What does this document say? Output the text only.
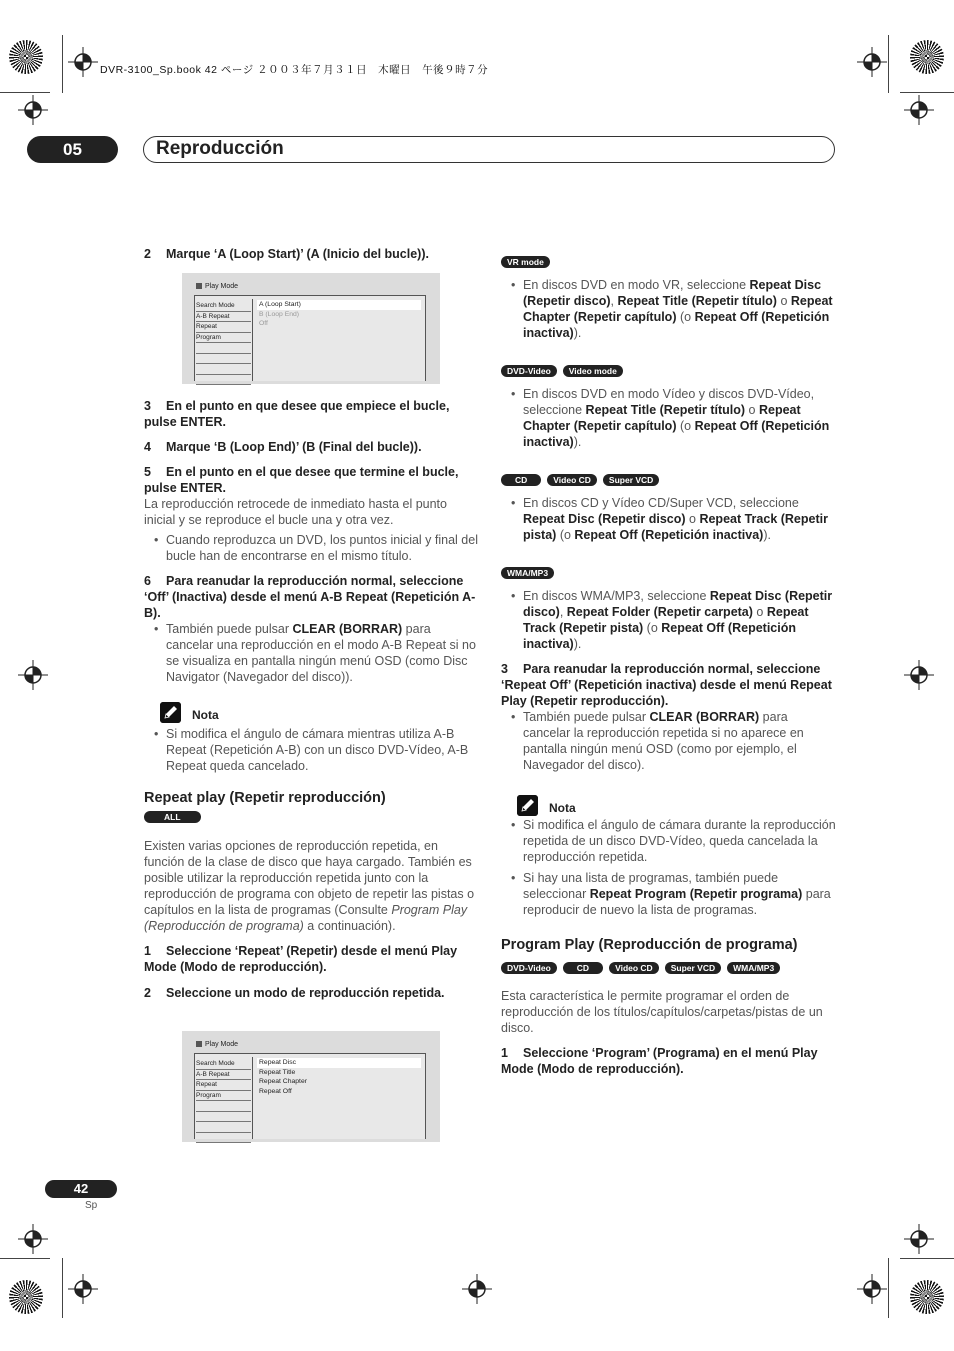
DVR-3100_Sp.book 42 ページ ２００３年７月３１日　木曜日　午後９時７分
05	Reproducción

2 Marque ‘A (Loop Start)’ (A (Inicio del bucle)).

Play Mode
Search Mode
A-B Repeat
Repeat
Program
A (Loop Start)
B (Loop End)
Off

3 En el punto en que desee que empiece el bucle, pulse ENTER.

4 Marque ‘B (Loop End)’ (B (Final del bucle)).

5 En el punto en el que desee que termine el bucle, pulse ENTER.

La reproducción retrocede de inmediato hasta el punto inicial y se reproduce el bucle una y otra vez.

• Cuando reproduzca un DVD, los puntos inicial y final del bucle han de encontrarse en el mismo título.

6 Para reanudar la reproducción normal, seleccione ‘Off’ (Inactiva) desde el menú A-B Repeat (Repetición A-B).

• También puede pulsar CLEAR (BORRAR) para cancelar una reproducción en el modo A-B Repeat si no se visualiza en pantalla ningún menú OSD (como Disc Navigator (Navegador del disco)).

Nota

• Si modifica el ángulo de cámara mientras utiliza A-B Repeat (Repetición A-B) con un disco DVD-Vídeo, A-B Repeat queda cancelado.

Repeat play (Repetir reproducción)
ALL

Existen varias opciones de reproducción repetida, en función de la clase de disco que haya cargado. También es posible utilizar la reproducción repetida junto con la reproducción de programa con objeto de repetir las pistas o capítulos en la lista de programas (Consulte Program Play (Reproducción de programa) a continuación).

1 Seleccione ‘Repeat’ (Repetir) desde el menú Play Mode (Modo de reproducción).

2 Seleccione un modo de reproducción repetida.

Play Mode
Search Mode
A-B Repeat
Repeat
Program
Repeat Disc
Repeat Title
Repeat Chapter
Repeat Off
VR mode

• En discos DVD en modo VR, seleccione Repeat Disc (Repetir disco), Repeat Title (Repetir título) o Repeat Chapter (Repetir capítulo) (o Repeat Off (Repetición inactiva)).

DVD-Video Video mode

• En discos DVD en modo Vídeo y discos DVD-Vídeo, seleccione Repeat Title (Repetir título) o Repeat Chapter (Repetir capítulo) (o Repeat Off (Repetición inactiva)).

CD	Video CD Super VCD

• En discos CD y Vídeo CD/Super VCD, seleccione Repeat Disc (Repetir disco) o Repeat Track (Repetir pista) (o Repeat Off (Repetición inactiva)).

WMA/MP3

• En discos WMA/MP3, seleccione Repeat Disc (Repetir disco), Repeat Folder (Repetir carpeta) o Repeat Track (Repetir pista) (o Repeat Off (Repetición inactiva)).

3 Para reanudar la reproducción normal, seleccione ‘Repeat Off’ (Repetición inactiva) desde el menú Repeat Play (Repetir reproducción).

• También puede pulsar CLEAR (BORRAR) para cancelar la reproducción repetida si no aparece en pantalla ningún menú OSD (como por ejemplo, el Navegador del disco).

Nota

• Si modifica el ángulo de cámara durante la reproducción repetida de un disco DVD-Vídeo, queda cancelada la reproducción repetida.

• Si hay una lista de programas, también puede seleccionar Repeat Program (Repetir programa) para reproducir de nuevo la lista de programas.

Program Play (Reproducción de programa)
DVD-Video	CD	Video CD Super VCD WMA/MP3

Esta característica le permite programar el orden de reproducción de los títulos/capítulos/carpetas/pistas de un disco.

1 Seleccione ‘Program’ (Programa) en el menú Play Mode (Modo de reproducción).

42
Sp
